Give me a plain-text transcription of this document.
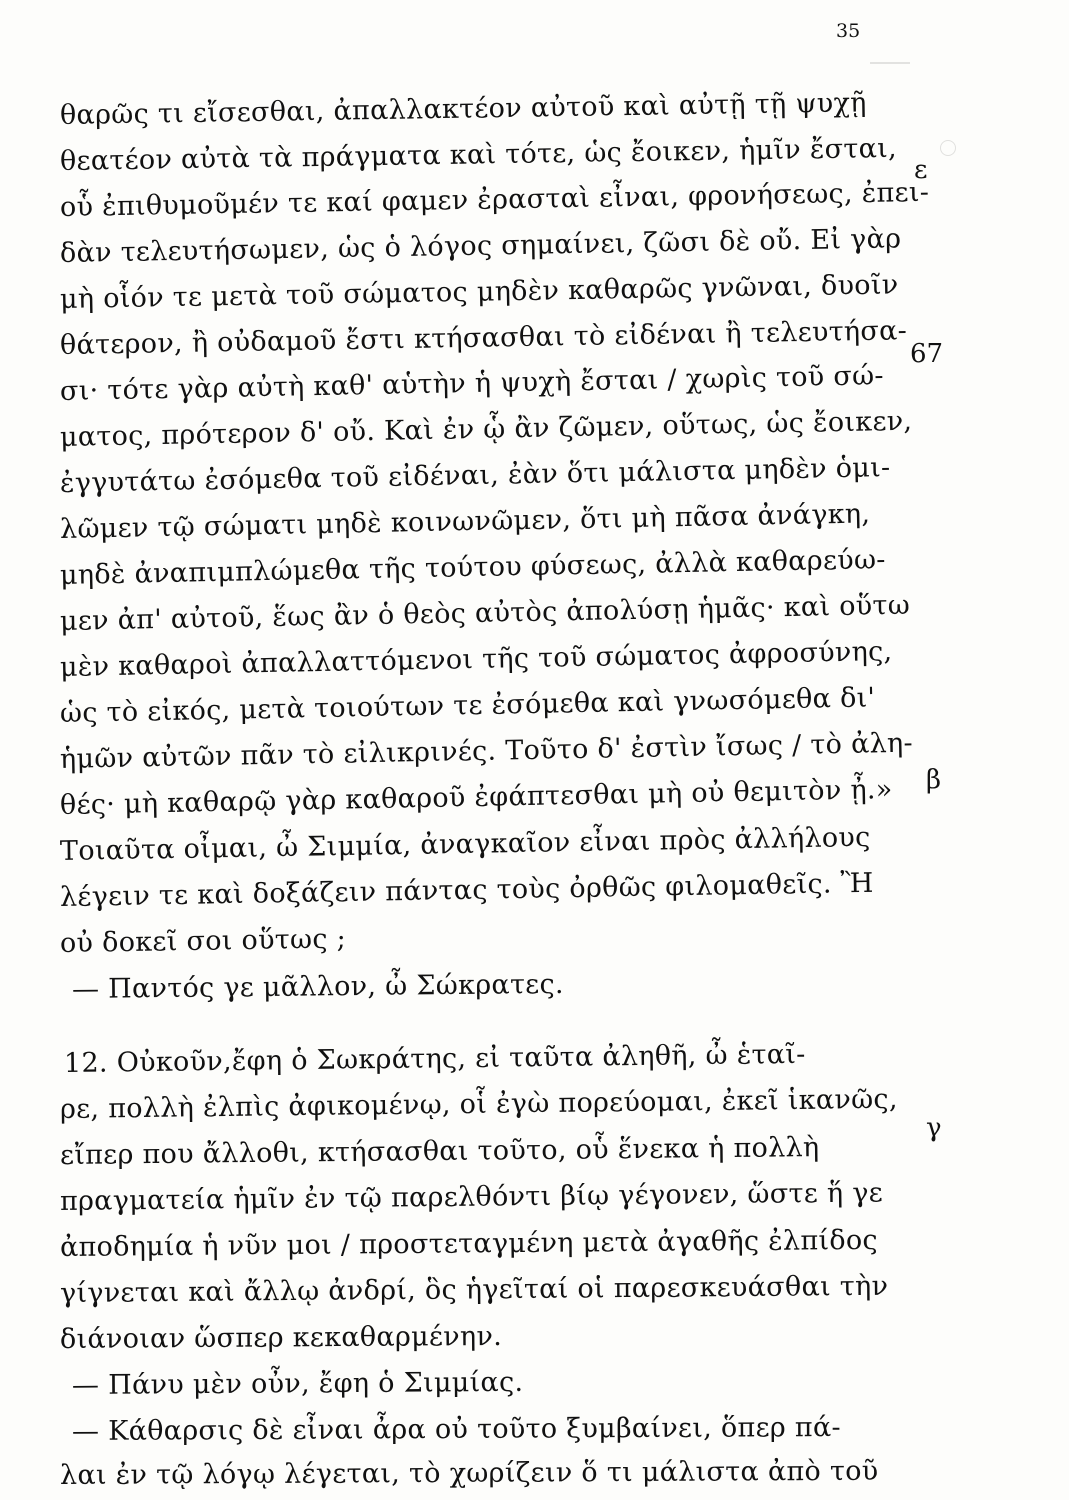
35
θαρῶς τι εἴσεσθαι, ἀπαλλακτέον αὐτοῦ καὶ αὐτῇ τῇ ψυχῇ
θεατέον αὐτὰ τὰ πράγματα καὶ τότε, ὡς ἔοικεν, ἡμῖν ἔσται,
οὗ ἐπιθυμοῦμέν τε καί φαμεν ἐρασταὶ εἶναι, φρονήσεως, ἐπει-
δὰν τελευτήσωμεν, ὡς ὁ λόγος σημαίνει, ζῶσι δὲ οὔ. Εἰ γὰρ
μὴ οἷόν τε μετὰ τοῦ σώματος μηδὲν καθαρῶς γνῶναι, δυοῖν
θάτερον, ἢ οὐδαμοῦ ἔστι κτήσασθαι τὸ εἰδέναι ἢ τελευτήσα-
σι· τότε γὰρ αὐτὴ καθ' αὑτὴν ἡ ψυχὴ ἔσται / χωρὶς τοῦ σώ-
ματος, πρότερον δ' οὔ. Καὶ ἐν ᾧ ἂν ζῶμεν, οὕτως, ὡς ἔοικεν,
ἐγγυτάτω ἐσόμεθα τοῦ εἰδέναι, ἐὰν ὅτι μάλιστα μηδὲν ὁμι-
λῶμεν τῷ σώματι μηδὲ κοινωνῶμεν, ὅτι μὴ πᾶσα ἀνάγκη,
μηδὲ ἀναπιμπλώμεθα τῆς τούτου φύσεως, ἀλλὰ καθαρεύω-
μεν ἀπ' αὐτοῦ, ἕως ἂν ὁ θεὸς αὐτὸς ἀπολύσῃ ἡμᾶς· καὶ οὕτω
μὲν καθαροὶ ἀπαλλαττόμενοι τῆς τοῦ σώματος ἀφροσύνης,
ὡς τὸ εἰκός, μετὰ τοιούτων τε ἐσόμεθα καὶ γνωσόμεθα δι'
ἡμῶν αὐτῶν πᾶν τὸ εἰλικρινές. Τοῦτο δ' ἐστὶν ἴσως / τὸ ἀλη-
θές· μὴ καθαρῷ γὰρ καθαροῦ ἐφάπτεσθαι μὴ οὐ θεμιτὸν ᾖ.»
Τοιαῦτα οἶμαι, ὦ Σιμμία, ἀναγκαῖον εἶναι πρὸς ἀλλήλους
λέγειν τε καὶ δοξάζειν πάντας τοὺς ὀρθῶς φιλομαθεῖς. Ἢ
οὐ δοκεῖ σοι οὕτως ;
— Παντός γε μᾶλλον, ὦ Σώκρατες.
12. Οὐκοῦν,ἔφη ὁ Σωκράτης, εἰ ταῦτα ἀληθῆ, ὦ ἑταῖ-
ρε, πολλὴ ἐλπὶς ἀφικομένῳ, οἷ ἐγὼ πορεύομαι, ἐκεῖ ἱκανῶς,
εἴπερ που ἄλλοθι, κτήσασθαι τοῦτο, οὗ ἕνεκα ἡ πολλὴ
πραγματεία ἡμῖν ἐν τῷ παρελθόντι βίῳ γέγονεν, ὥστε ἥ γε
ἀποδημία ἡ νῦν μοι / προστεταγμένη μετὰ ἀγαθῆς ἐλπίδος
γίγνεται καὶ ἄλλῳ ἀνδρί, ὃς ἡγεῖταί οἱ παρεσκευάσθαι τὴν
διάνοιαν ὥσπερ κεκαθαρμένην.
— Πάνυ μὲν οὖν, ἔφη ὁ Σιμμίας.
— Κάθαρσις δὲ εἶναι ἆρα οὐ τοῦτο ξυμβαίνει, ὅπερ πά-
λαι ἐν τῷ λόγῳ λέγεται, τὸ χωρίζειν ὅ τι μάλιστα ἀπὸ τοῦ
ε
67
β
γ
